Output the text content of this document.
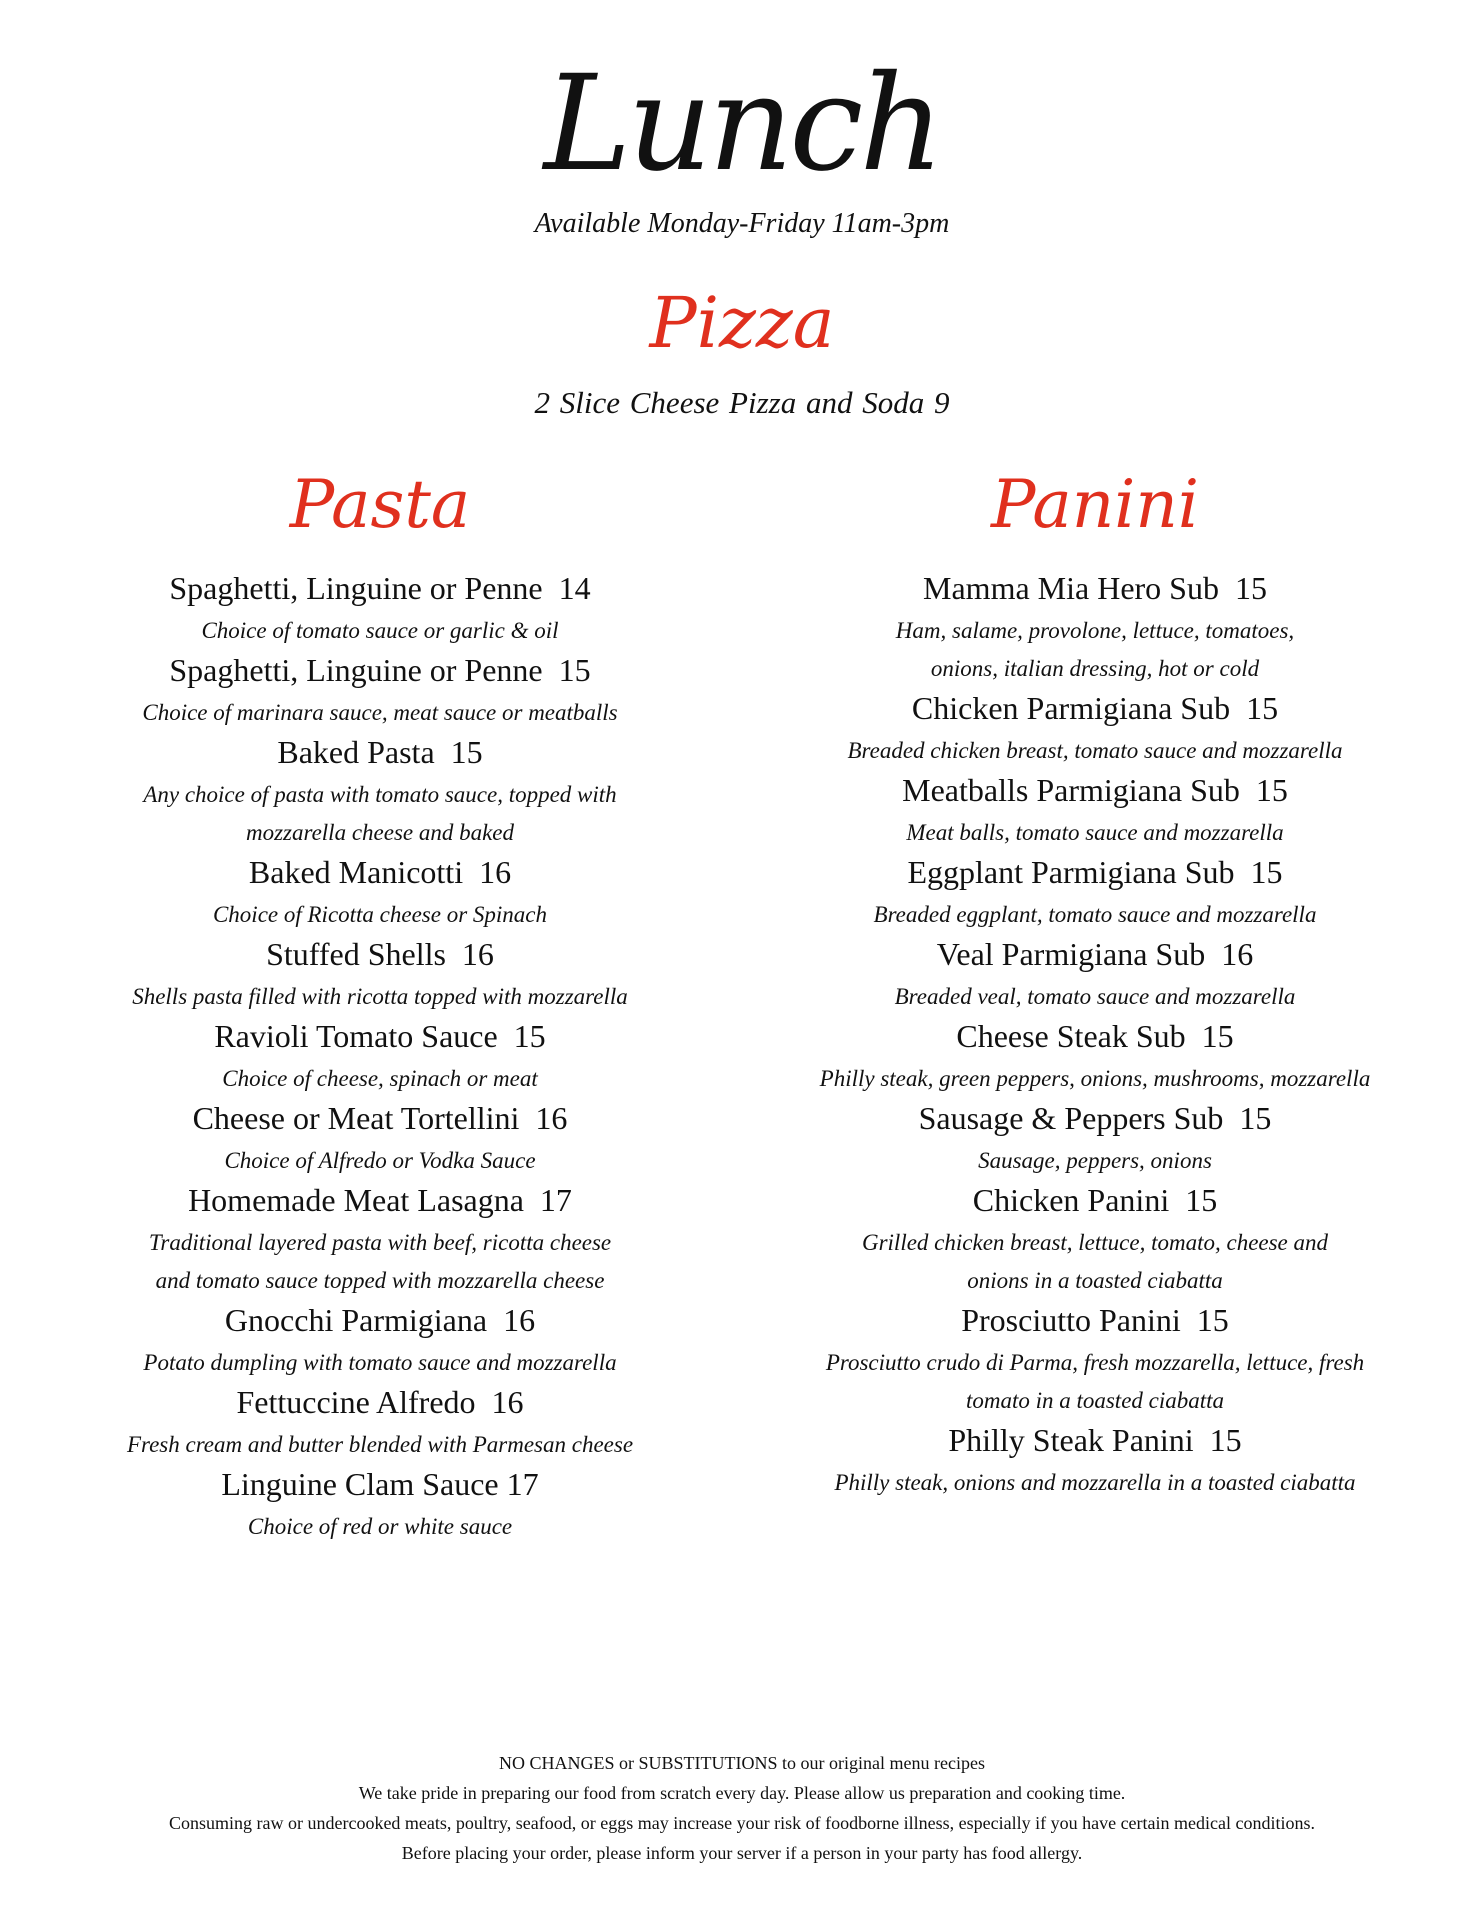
Lunch
Available Monday-Friday 11am-3pm
Pizza
2 Slice Cheese Pizza and Soda 9
Pasta	Panini
Spaghetti, Linguine or Penne  14
Choice of tomato sauce or garlic & oil
Spaghetti, Linguine or Penne  15
Choice of marinara sauce, meat sauce or meatballs
Baked Pasta  15
Any choice of pasta with tomato sauce, topped with
mozzarella cheese and baked
Baked Manicotti  16
Choice of Ricotta cheese or Spinach
Stuffed Shells  16
Shells pasta filled with ricotta topped with mozzarella
Ravioli Tomato Sauce  15
Choice of cheese, spinach or meat
Cheese or Meat Tortellini  16
Choice of Alfredo or Vodka Sauce
Homemade Meat Lasagna  17
Traditional layered pasta with beef, ricotta cheese
and tomato sauce topped with mozzarella cheese
Gnocchi Parmigiana  16
Potato dumpling with tomato sauce and mozzarella
Fettuccine Alfredo  16
Fresh cream and butter blended with Parmesan cheese
Linguine Clam Sauce 17
Choice of red or white sauce
Mamma Mia Hero Sub  15
Ham, salame, provolone, lettuce, tomatoes,
onions, italian dressing, hot or cold
Chicken Parmigiana Sub  15
Breaded chicken breast, tomato sauce and mozzarella
Meatballs Parmigiana Sub  15
Meat balls, tomato sauce and mozzarella
Eggplant Parmigiana Sub  15
Breaded eggplant, tomato sauce and mozzarella
Veal Parmigiana Sub  16
Breaded veal, tomato sauce and mozzarella
Cheese Steak Sub  15
Philly steak, green peppers, onions, mushrooms, mozzarella
Sausage & Peppers Sub  15
Sausage, peppers, onions
Chicken Panini  15
Grilled chicken breast, lettuce, tomato, cheese and
onions in a toasted ciabatta
Prosciutto Panini  15
Prosciutto crudo di Parma, fresh mozzarella, lettuce, fresh
tomato in a toasted ciabatta
Philly Steak Panini  15
Philly steak, onions and mozzarella in a toasted ciabatta
NO CHANGES or SUBSTITUTIONS to our original menu recipes
We take pride in preparing our food from scratch every day. Please allow us preparation and cooking time.
Consuming raw or undercooked meats, poultry, seafood, or eggs may increase your risk of foodborne illness, especially if you have certain medical conditions.
Before placing your order, please inform your server if a person in your party has food allergy.
